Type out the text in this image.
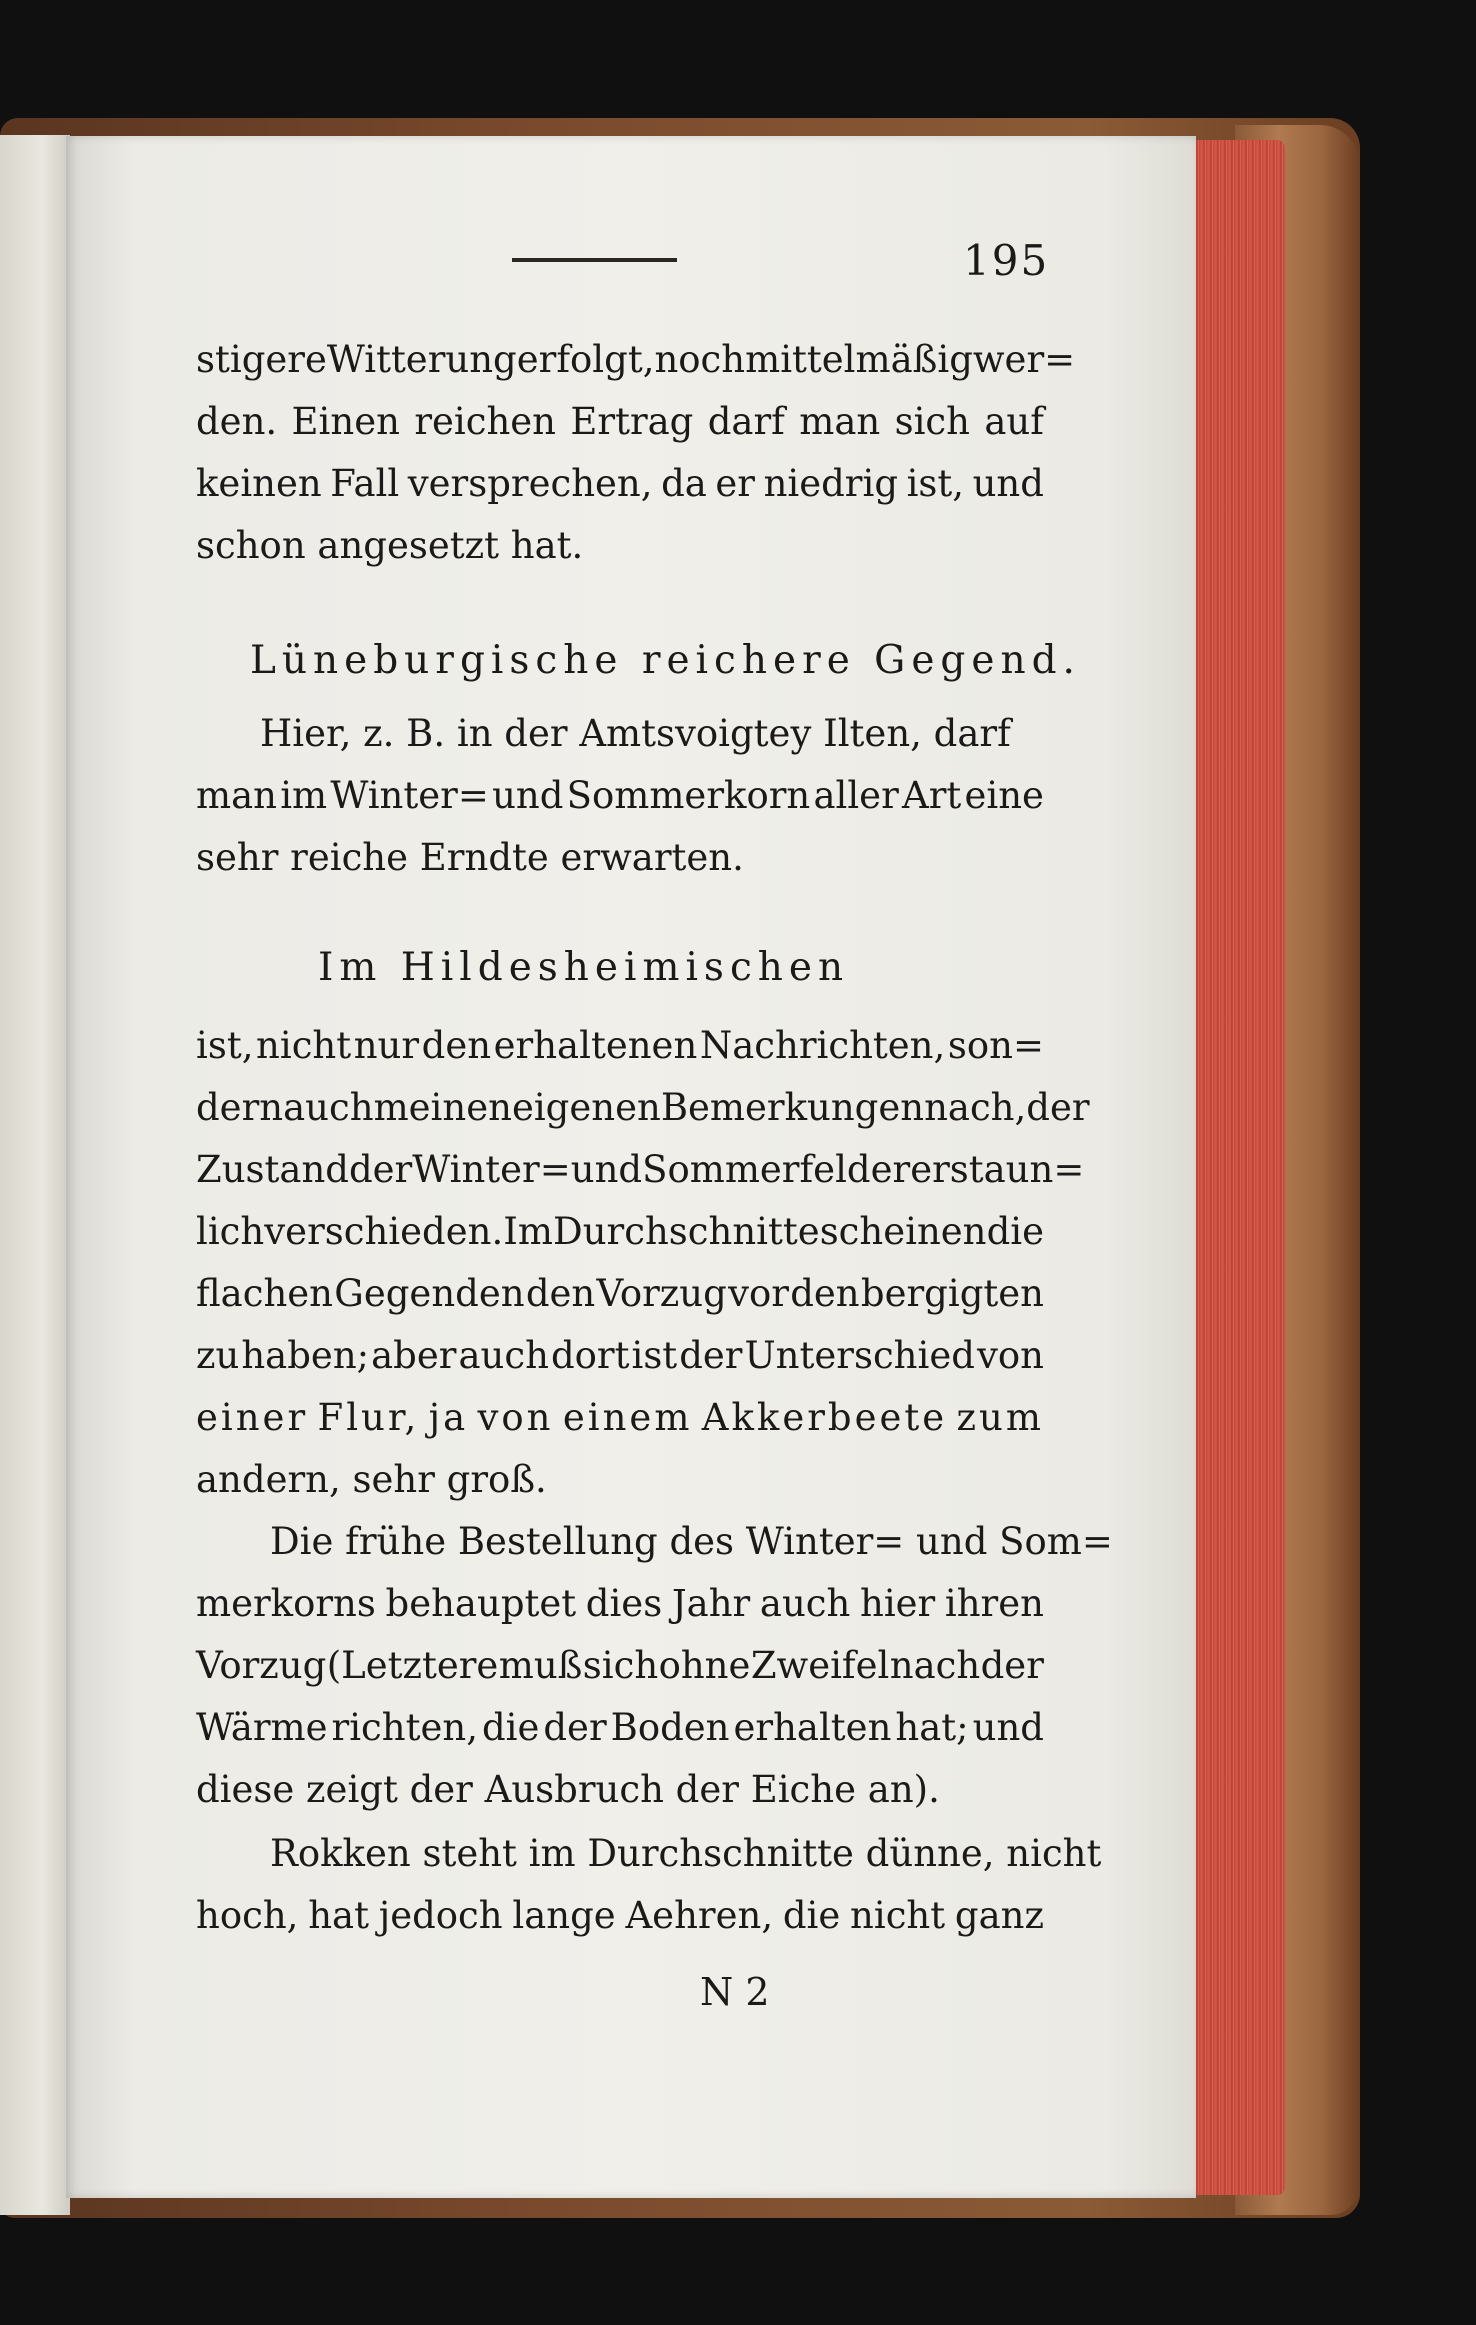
195
stigere Witterung erfolgt, noch mittelmäßig wer=
den. Einen reichen Ertrag darf man sich auf
keinen Fall versprechen, da er niedrig ist, und
schon angesetzt hat.
Lüneburgische reichere Gegend.
Hier, z. B. in der Amtsvoigtey Ilten, darf
man im Winter= und Sommerkorn aller Art eine
sehr reiche Erndte erwarten.
Im Hildesheimischen
ist, nicht nur den erhaltenen Nachrichten, son=
dern auch meinen eigenen Bemerkungen nach, der
Zustand der Winter= und Sommerfelder erstaun=
lich verschieden. Im Durchschnitte scheinen die
flachen Gegenden den Vorzug vor den bergigten
zu haben; aber auch dort ist der Unterschied von
einer Flur, ja von einem Akkerbeete zum
andern, sehr groß.
Die frühe Bestellung des Winter= und Som=
merkorns behauptet dies Jahr auch hier ihren
Vorzug (Letztere muß sich ohne Zweifel nach der
Wärme richten, die der Boden erhalten hat; und
diese zeigt der Ausbruch der Eiche an).
Rokken steht im Durchschnitte dünne, nicht
hoch, hat jedoch lange Aehren, die nicht ganz
N 2
